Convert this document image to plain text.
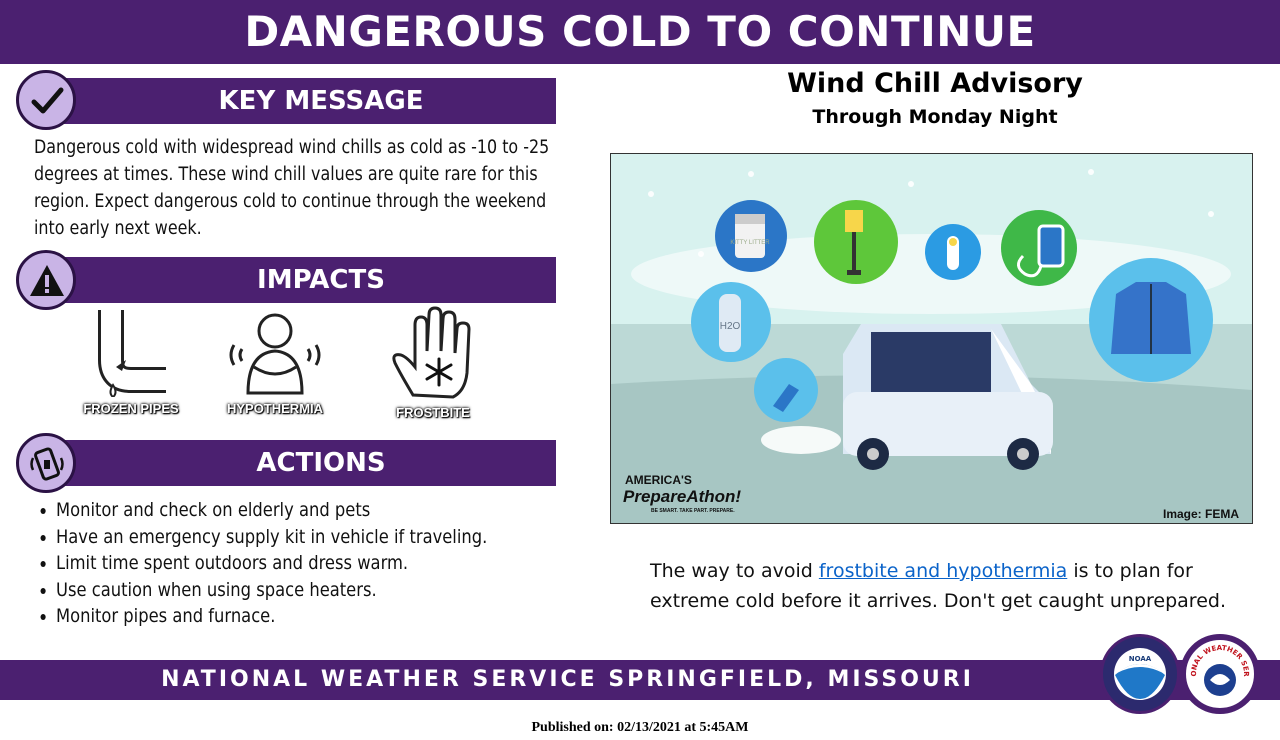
DANGEROUS COLD TO CONTINUE
KEY MESSAGE
Dangerous cold with widespread wind chills as cold as -10 to -25 degrees at times. These wind chill values are quite rare for this region. Expect dangerous cold to continue through the weekend into early next week.
IMPACTS
FROZEN PIPES	HYPOTHERMIA	FROSTBITE
ACTIONS
• Monitor and check on elderly and pets
• Have an emergency supply kit in vehicle if traveling.
• Limit time spent outdoors and dress warm.
• Use caution when using space heaters.
• Monitor pipes and furnace.
Wind Chill Advisory
Through Monday Night
KITTY LITTER
H2O
AMERICA'S
PrepareAthon!
BE SMART. TAKE PART. PREPARE.	Image: FEMA
The way to avoid frostbite and hypothermia is to plan for extreme cold before it arrives. Don't get caught unprepared.
NATIONAL WEATHER SERVICE SPRINGFIELD, MISSOURI
NOAA
ONAL WEATHER SER
Published on: 02/13/2021 at 5:45AM
